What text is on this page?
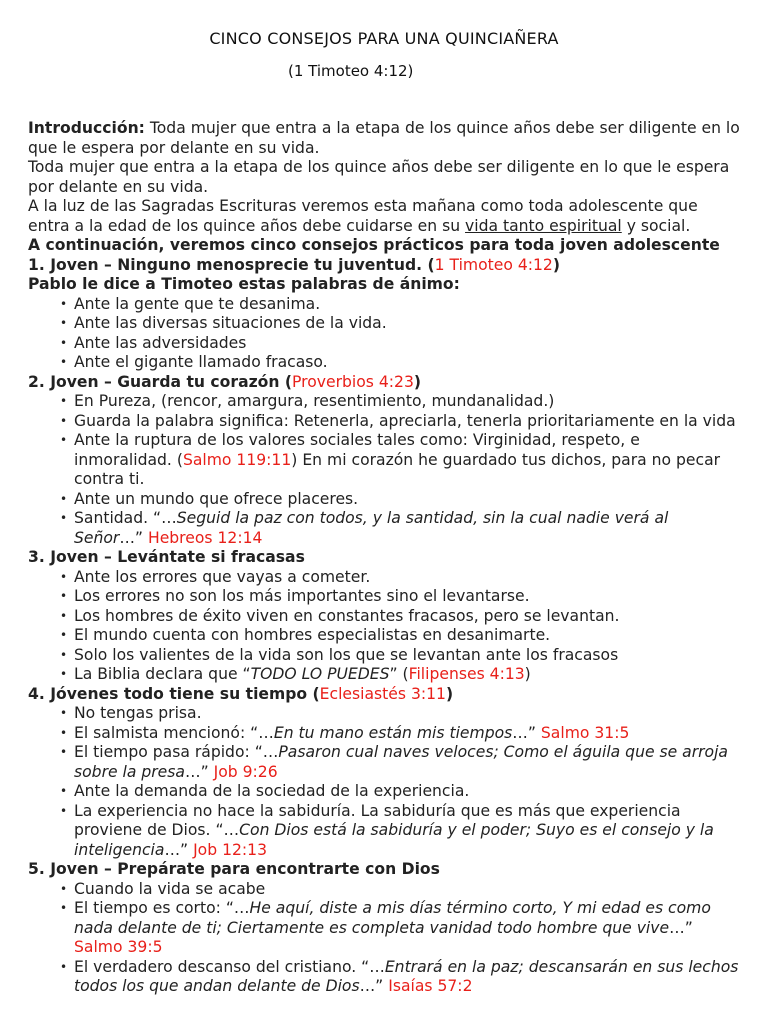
CINCO CONSEJOS PARA UNA QUINCIAÑERA
(1 Timoteo 4:12)

Introducción: Toda mujer que entra a la etapa de los quince años debe ser diligente en lo que le espera por delante en su vida.

Toda mujer que entra a la etapa de los quince años debe ser diligente en lo que le espera por delante en su vida.

A la luz de las Sagradas Escrituras veremos esta mañana como toda adolescente que entra a la edad de los quince años debe cuidarse en su vida tanto espiritual y social.

A continuación, veremos cinco consejos prácticos para toda joven adolescente

1. Joven – Ninguno menosprecie tu juventud. (1 Timoteo 4:12)

Pablo le dice a Timoteo estas palabras de ánimo:

• Ante la gente que te desanima.
• Ante las diversas situaciones de la vida.
• Ante las adversidades
• Ante el gigante llamado fracaso.

2. Joven – Guarda tu corazón (Proverbios 4:23)

• En Pureza, (rencor, amargura, resentimiento, mundanalidad.)
• Guarda la palabra significa: Retenerla, apreciarla, tenerla prioritariamente en la vida
• Ante la ruptura de los valores sociales tales como: Virginidad, respeto, e inmoralidad. (Salmo 119:11) En mi corazón he guardado tus dichos, para no pecar contra ti.
• Ante un mundo que ofrece placeres.
• Santidad. “…Seguid la paz con todos, y la santidad, sin la cual nadie verá al Señor…” Hebreos 12:14

3. Joven – Levántate si fracasas

• Ante los errores que vayas a cometer.
• Los errores no son los más importantes sino el levantarse.
• Los hombres de éxito viven en constantes fracasos, pero se levantan.
• El mundo cuenta con hombres especialistas en desanimarte.
• Solo los valientes de la vida son los que se levantan ante los fracasos
• La Biblia declara que “TODO LO PUEDES” (Filipenses 4:13)

4. Jóvenes todo tiene su tiempo (Eclesiastés 3:11)

• No tengas prisa.
• El salmista mencionó: “…En tu mano están mis tiempos…” Salmo 31:5
• El tiempo pasa rápido: “…Pasaron cual naves veloces; Como el águila que se arroja sobre la presa…” Job 9:26
• Ante la demanda de la sociedad de la experiencia.
• La experiencia no hace la sabiduría. La sabiduría que es más que experiencia proviene de Dios. “…Con Dios está la sabiduría y el poder; Suyo es el consejo y la inteligencia…” Job 12:13

5. Joven – Prepárate para encontrarte con Dios

• Cuando la vida se acabe
• El tiempo es corto: “…He aquí, diste a mis días término corto, Y mi edad es como nada delante de ti; Ciertamente es completa vanidad todo hombre que vive…” Salmo 39:5
• El verdadero descanso del cristiano. “…Entrará en la paz; descansarán en sus lechos todos los que andan delante de Dios…” Isaías 57:2
